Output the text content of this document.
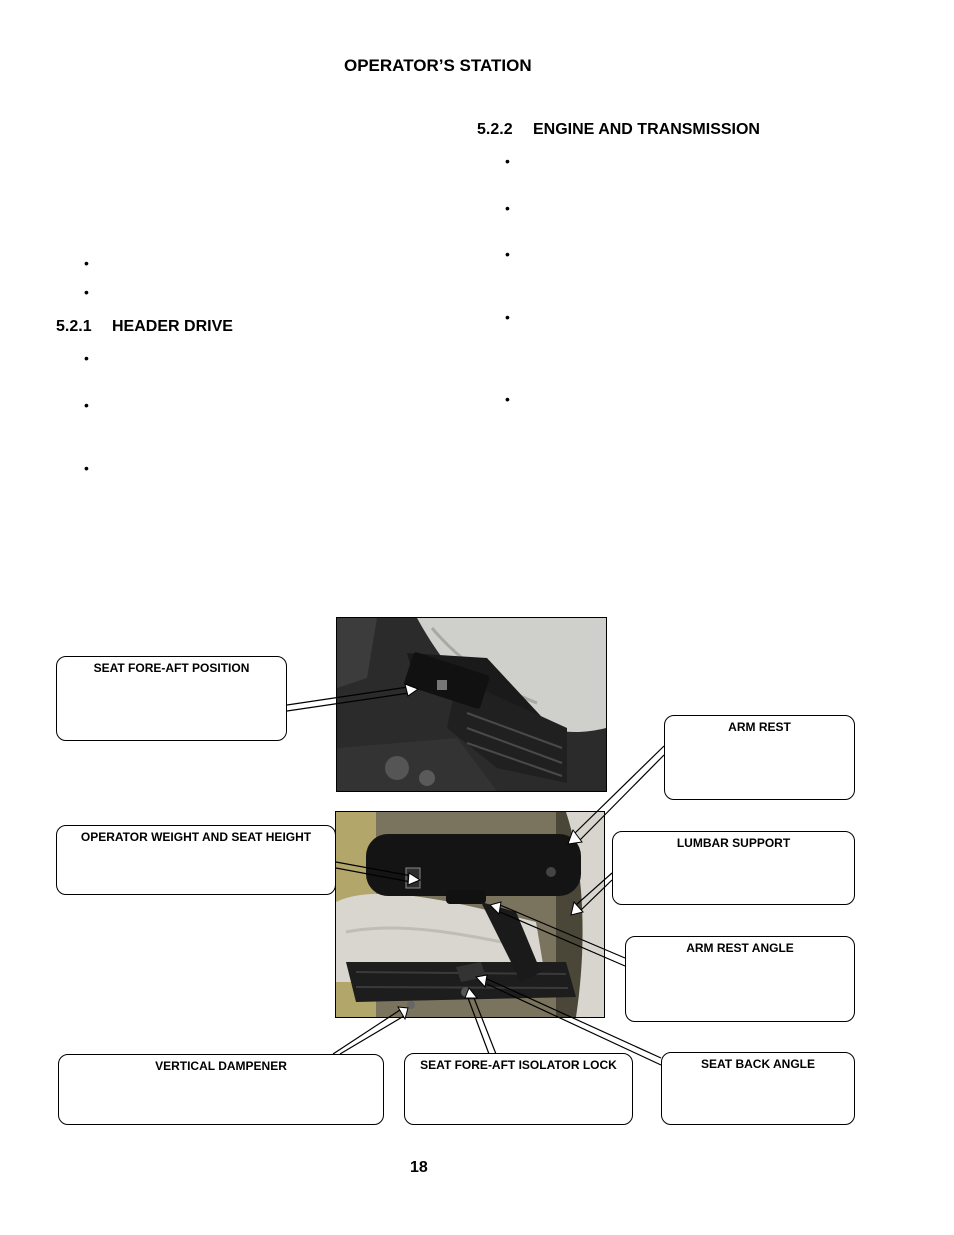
OPERATOR’S STATION
•
•
5.2.1 HEADER DRIVE
•
•
•
5.2.2 ENGINE AND TRANSMISSION
•
•
•
•
•
SEAT FORE-AFT POSITION
ARM REST
OPERATOR WEIGHT AND SEAT HEIGHT	LUMBAR SUPPORT
ARM REST ANGLE
VERTICAL DAMPENER	SEAT FORE-AFT ISOLATOR LOCK	SEAT BACK ANGLE
18
